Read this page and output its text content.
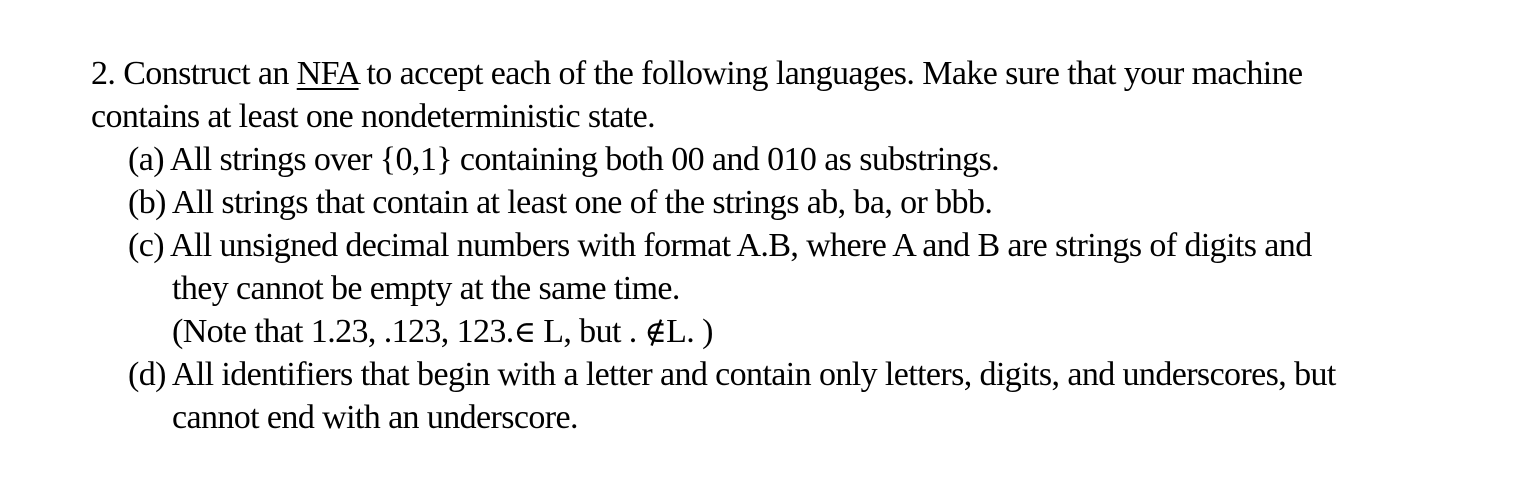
2. Construct an NFA to accept each of the following languages. Make sure that your machine
contains at least one nondeterministic state.
(a) All strings over {0,1} containing both 00 and 010 as substrings.
(b) All strings that contain at least one of the strings ab, ba, or bbb.
(c) All unsigned decimal numbers with format A.B, where A and B are strings of digits and
they cannot be empty at the same time.
(Note that 1.23, .123, 123.∈ L, but . ∉L. )
(d) All identifiers that begin with a letter and contain only letters, digits, and underscores, but
cannot end with an underscore.
